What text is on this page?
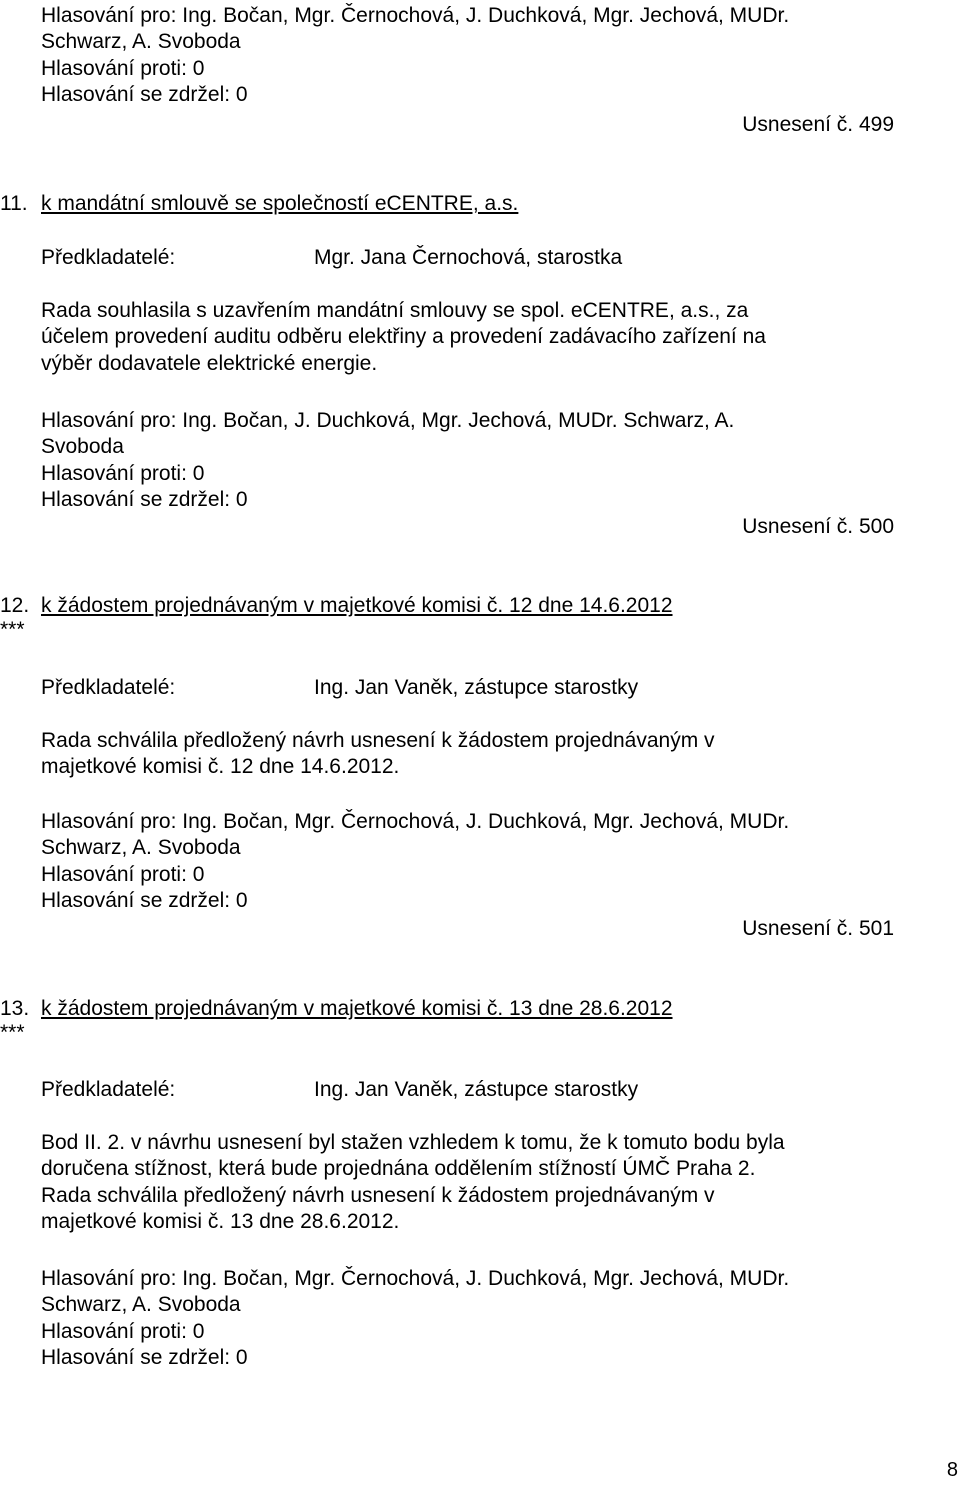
Hlasování pro: Ing. Bočan, Mgr. Černochová, J. Duchková, Mgr. Jechová, MUDr.

Schwarz, A. Svoboda

Hlasování proti: 0

Hlasování se zdržel: 0

Usnesení č. 499
11. k mandátní smlouvě se společností eCENTRE, a.s.
Předkladatelé:	Mgr. Jana Černochová, starostka

Rada souhlasila s uzavřením mandátní smlouvy se spol. eCENTRE, a.s., za

účelem provedení auditu odběru elektřiny a provedení zadávacího zařízení na

výběr dodavatele elektrické energie.

Hlasování pro: Ing. Bočan, J. Duchková, Mgr. Jechová, MUDr. Schwarz, A.

Svoboda

Hlasování proti: 0

Hlasování se zdržel: 0

Usnesení č. 500
12.
***
k žádostem projednávaným v majetkové komisi č. 12 dne 14.6.2012
Předkladatelé:	Ing. Jan Vaněk, zástupce starostky

Rada schválila předložený návrh usnesení k žádostem projednávaným v

majetkové komisi č. 12 dne 14.6.2012.

Hlasování pro: Ing. Bočan, Mgr. Černochová, J. Duchková, Mgr. Jechová, MUDr.

Schwarz, A. Svoboda

Hlasování proti: 0

Hlasování se zdržel: 0

Usnesení č. 501
13.
***
k žádostem projednávaným v majetkové komisi č. 13 dne 28.6.2012
Předkladatelé:	Ing. Jan Vaněk, zástupce starostky

Bod II. 2. v návrhu usnesení byl stažen vzhledem k tomu, že k tomuto bodu byla

doručena stížnost, která bude projednána oddělením stížností ÚMČ Praha 2.

Rada schválila předložený návrh usnesení k žádostem projednávaným v

majetkové komisi č. 13 dne 28.6.2012.

Hlasování pro: Ing. Bočan, Mgr. Černochová, J. Duchková, Mgr. Jechová, MUDr.

Schwarz, A. Svoboda

Hlasování proti: 0

Hlasování se zdržel: 0

8
